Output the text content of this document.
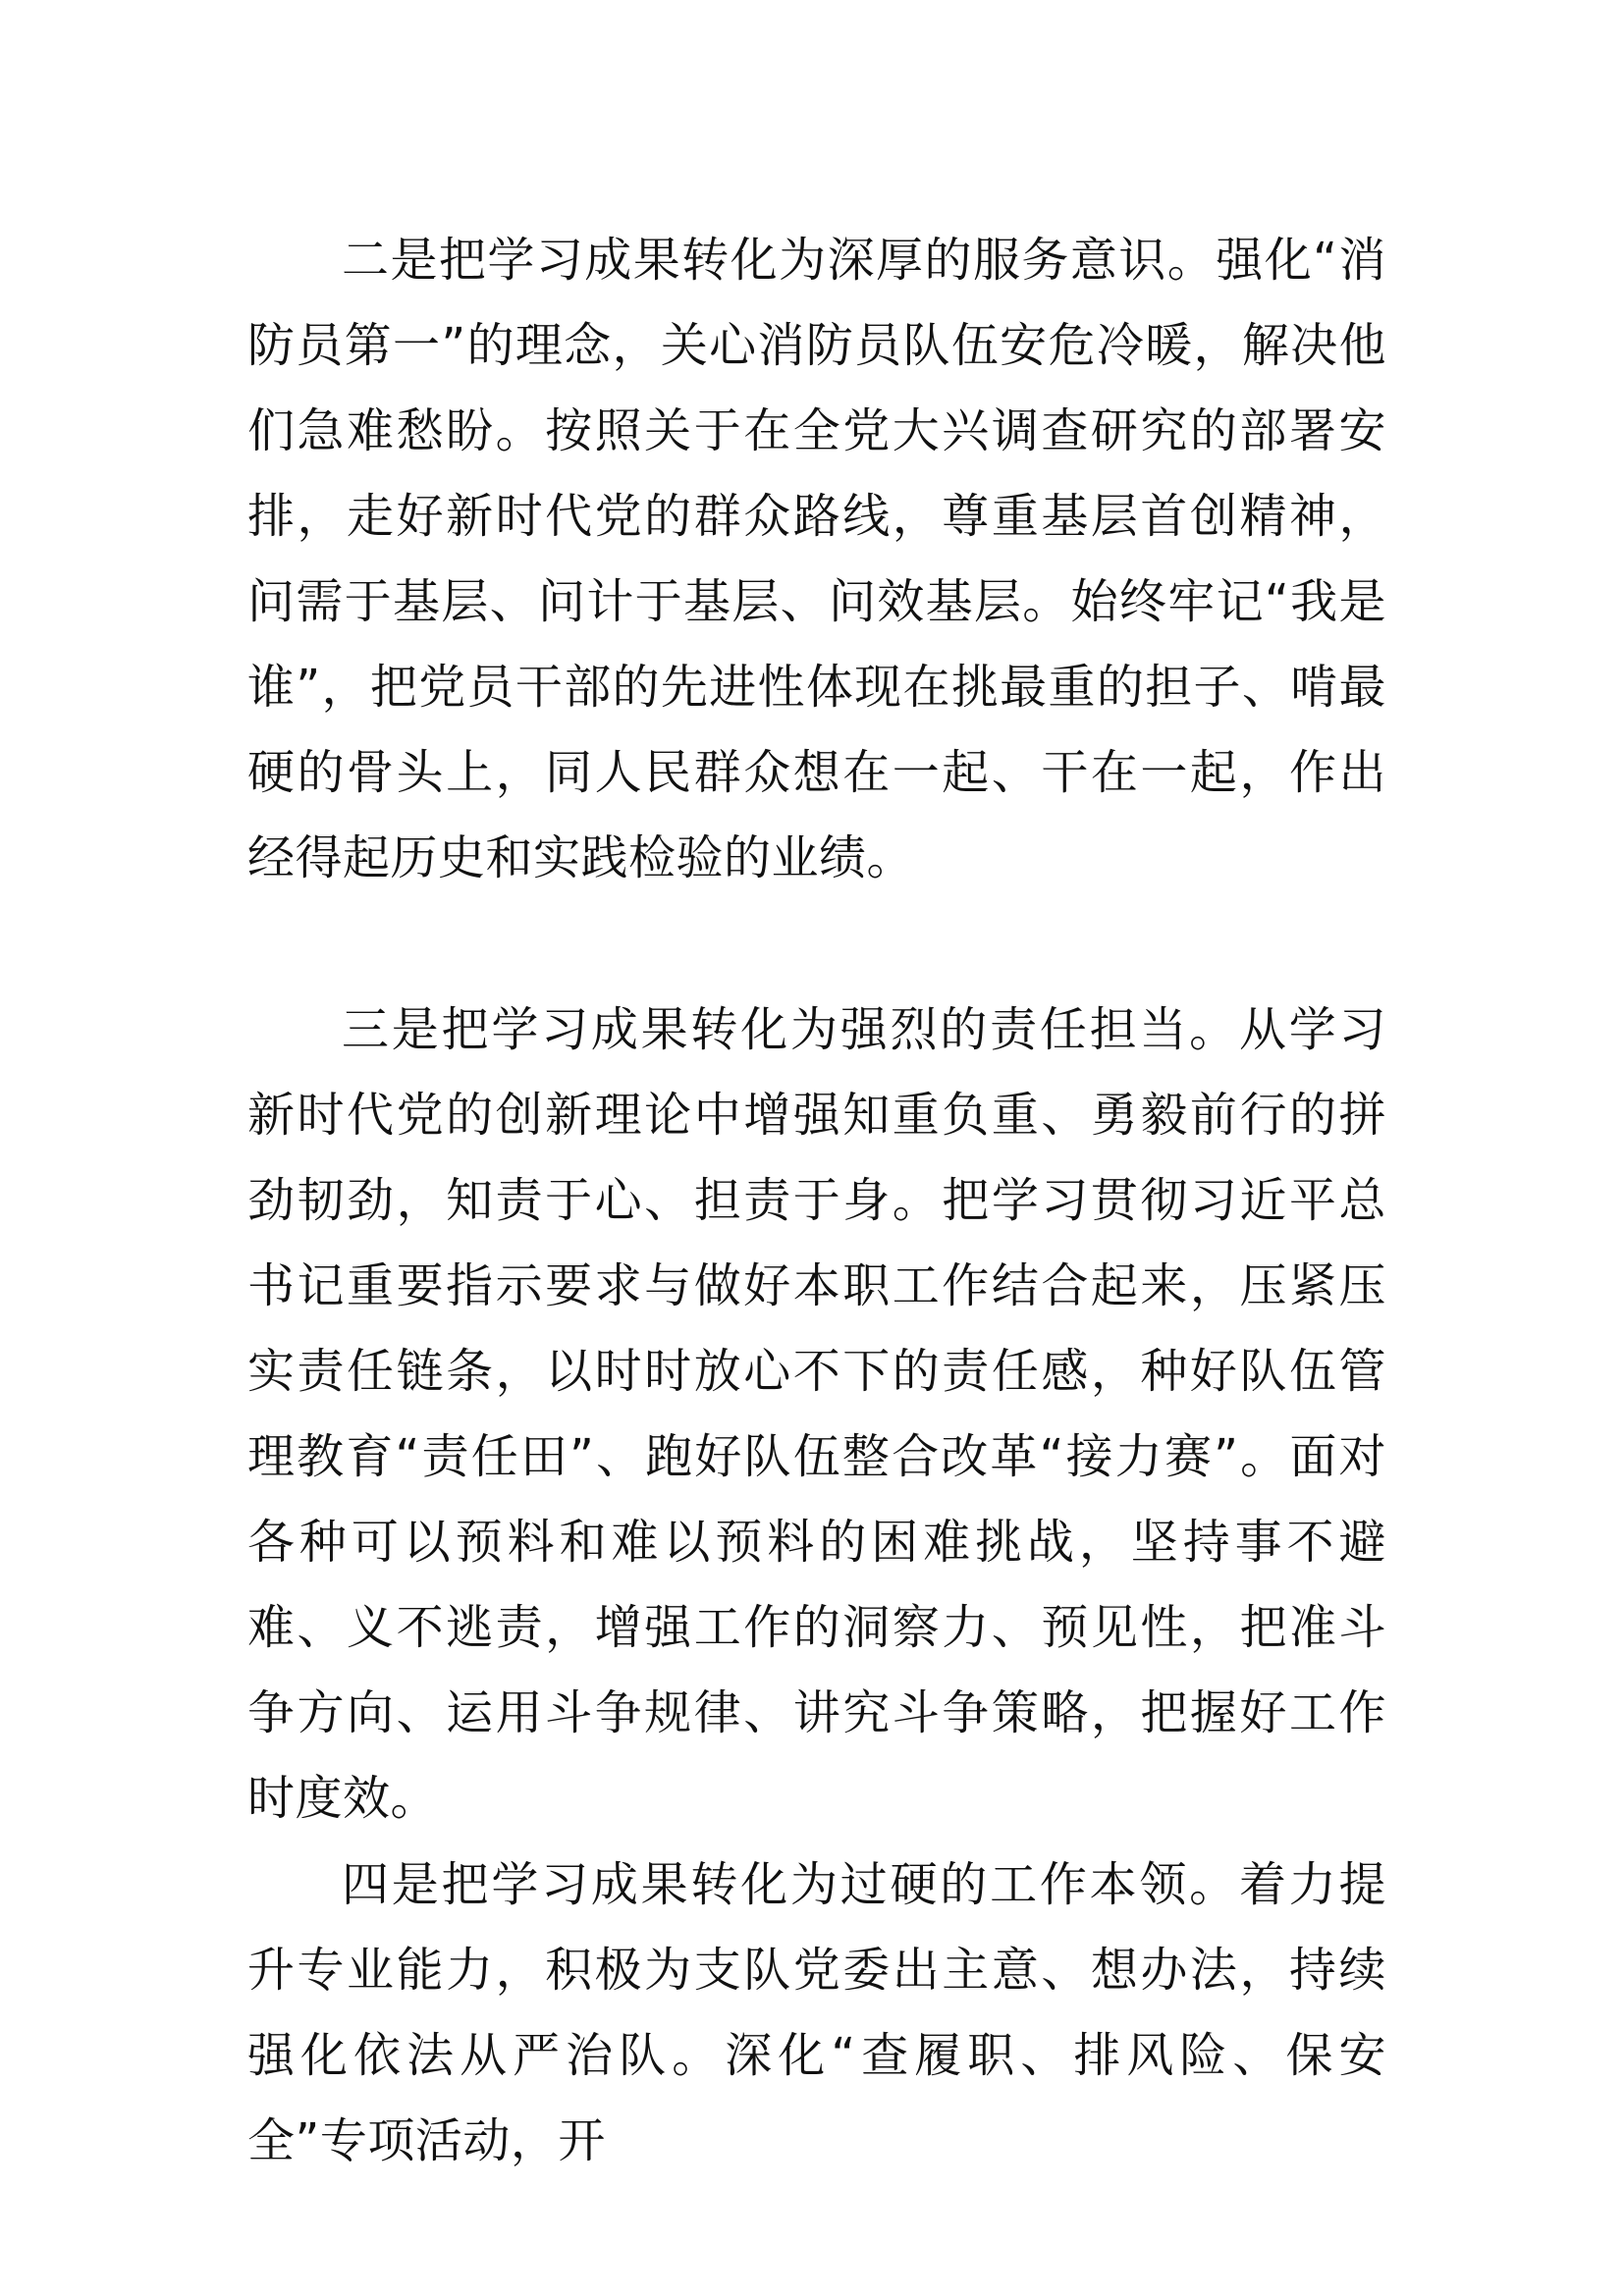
二是把学习成果转化为深厚的服务意识。强化“消防员第一”的理念，关心消防员队伍安危冷暖，解决他们急难愁盼。按照关于在全党大兴调查研究的部署安排，走好新时代党的群众路线，尊重基层首创精神，问需于基层、问计于基层、问效基层。始终牢记“我是谁”，把党员干部的先进性体现在挑最重的担子、啃最硬的骨头上，同人民群众想在一起、干在一起，作出经得起历史和实践检验的业绩。

三是把学习成果转化为强烈的责任担当。从学习新时代党的创新理论中增强知重负重、勇毅前行的拼劲韧劲，知责于心、担责于身。把学习贯彻习近平总书记重要指示要求与做好本职工作结合起来，压紧压实责任链条，以时时放心不下的责任感，种好队伍管理教育“责任田”、跑好队伍整合改革“接力赛”。面对各种可以预料和难以预料的困难挑战，坚持事不避难、义不逃责，增强工作的洞察力、预见性，把准斗争方向、运用斗争规律、讲究斗争策略，把握好工作时度效。

四是把学习成果转化为过硬的工作本领。着力提升专业能力，积极为支队党委出主意、想办法，持续强化依法从严治队。深化“查履职、排风险、保安全”专项活动，开
